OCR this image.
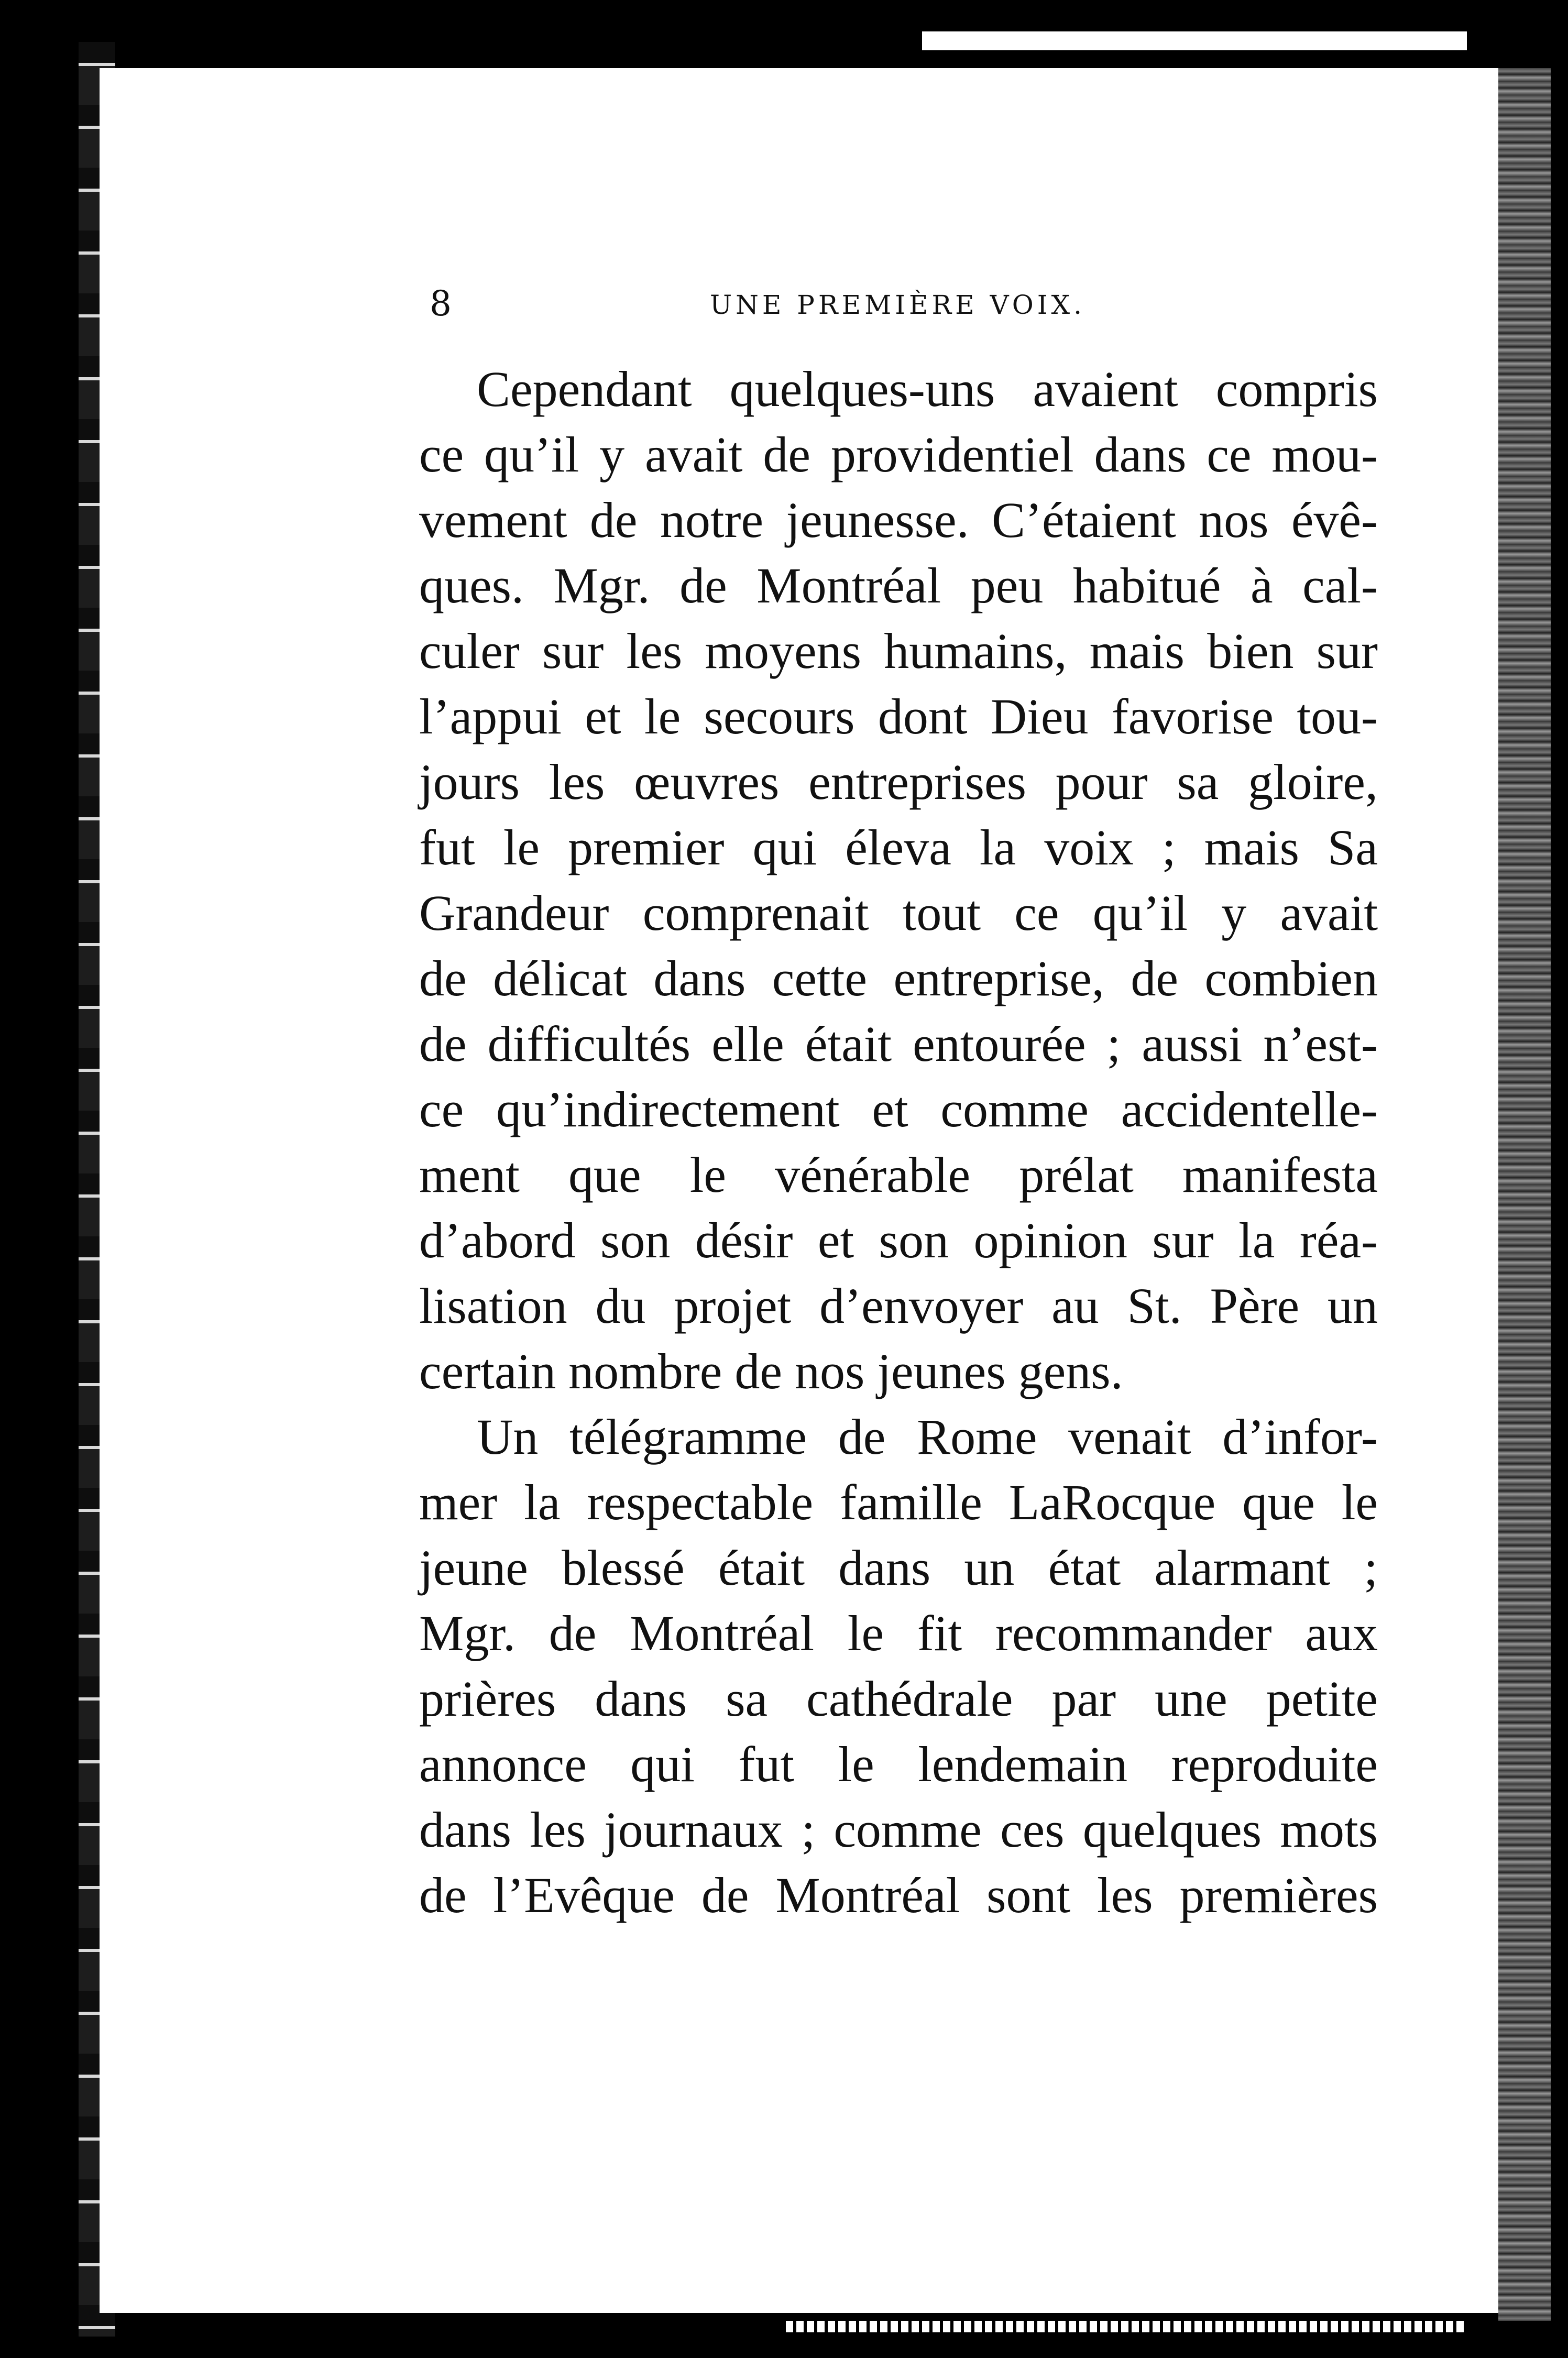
8	UNE PREMIÈRE VOIX.
Cependant quelques-uns avaient compris
ce qu’il y avait de providentiel dans ce mou-
vement de notre jeunesse. C’étaient nos évê-
ques. Mgr. de Montréal peu habitué à cal-
culer sur les moyens humains, mais bien sur
l’appui et le secours dont Dieu favorise tou-
jours les œuvres entreprises pour sa gloire,
fut le premier qui éleva la voix ; mais Sa
Grandeur comprenait tout ce qu’il y avait
de délicat dans cette entreprise, de combien
de difficultés elle était entourée ; aussi n’est-
ce qu’indirectement et comme accidentelle-
ment que le vénérable prélat manifesta
d’abord son désir et son opinion sur la réa-
lisation du projet d’envoyer au St. Père un
certain nombre de nos jeunes gens.
Un télégramme de Rome venait d’infor-
mer la respectable famille LaRocque que le
jeune blessé était dans un état alarmant ;
Mgr. de Montréal le fit recommander aux
prières dans sa cathédrale par une petite
annonce qui fut le lendemain reproduite
dans les journaux ; comme ces quelques mots
de l’Evêque de Montréal sont les premières
